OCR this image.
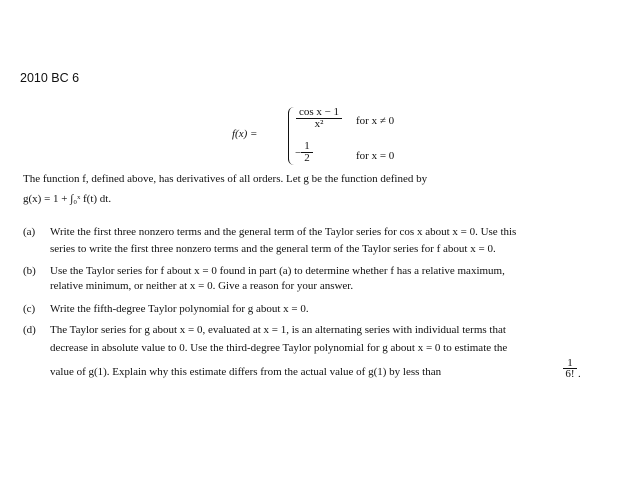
2010 BC 6
f(x) =
$\frac{\text{cos x − 1}}{\text{x²}}$ for x ≠ 0
− $\frac{1}{2}$	for x = 0
The function f, defined above, has derivatives of all orders. Let g be the function defined by
g(x) = 1 + ∫₀ˣ f(t) dt.
(a) Write the first three nonzero terms and the general term of the Taylor series for cos x about x = 0. Use this
series to write the first three nonzero terms and the general term of the Taylor series for f about x = 0.
(b) Use the Taylor series for f about x = 0 found in part (a) to determine whether f has a relative maximum,
relative minimum, or neither at x = 0. Give a reason for your answer.
(c) Write the fifth-degree Taylor polynomial for g about x = 0.
(d) The Taylor series for g about x = 0, evaluated at x = 1, is an alternating series with individual terms that
decrease in absolute value to 0. Use the third-degree Taylor polynomial for g about x = 0 to estimate the
value of g(1). Explain why this estimate differs from the actual value of g(1) by less than	$\frac{1}{6!}$ .
